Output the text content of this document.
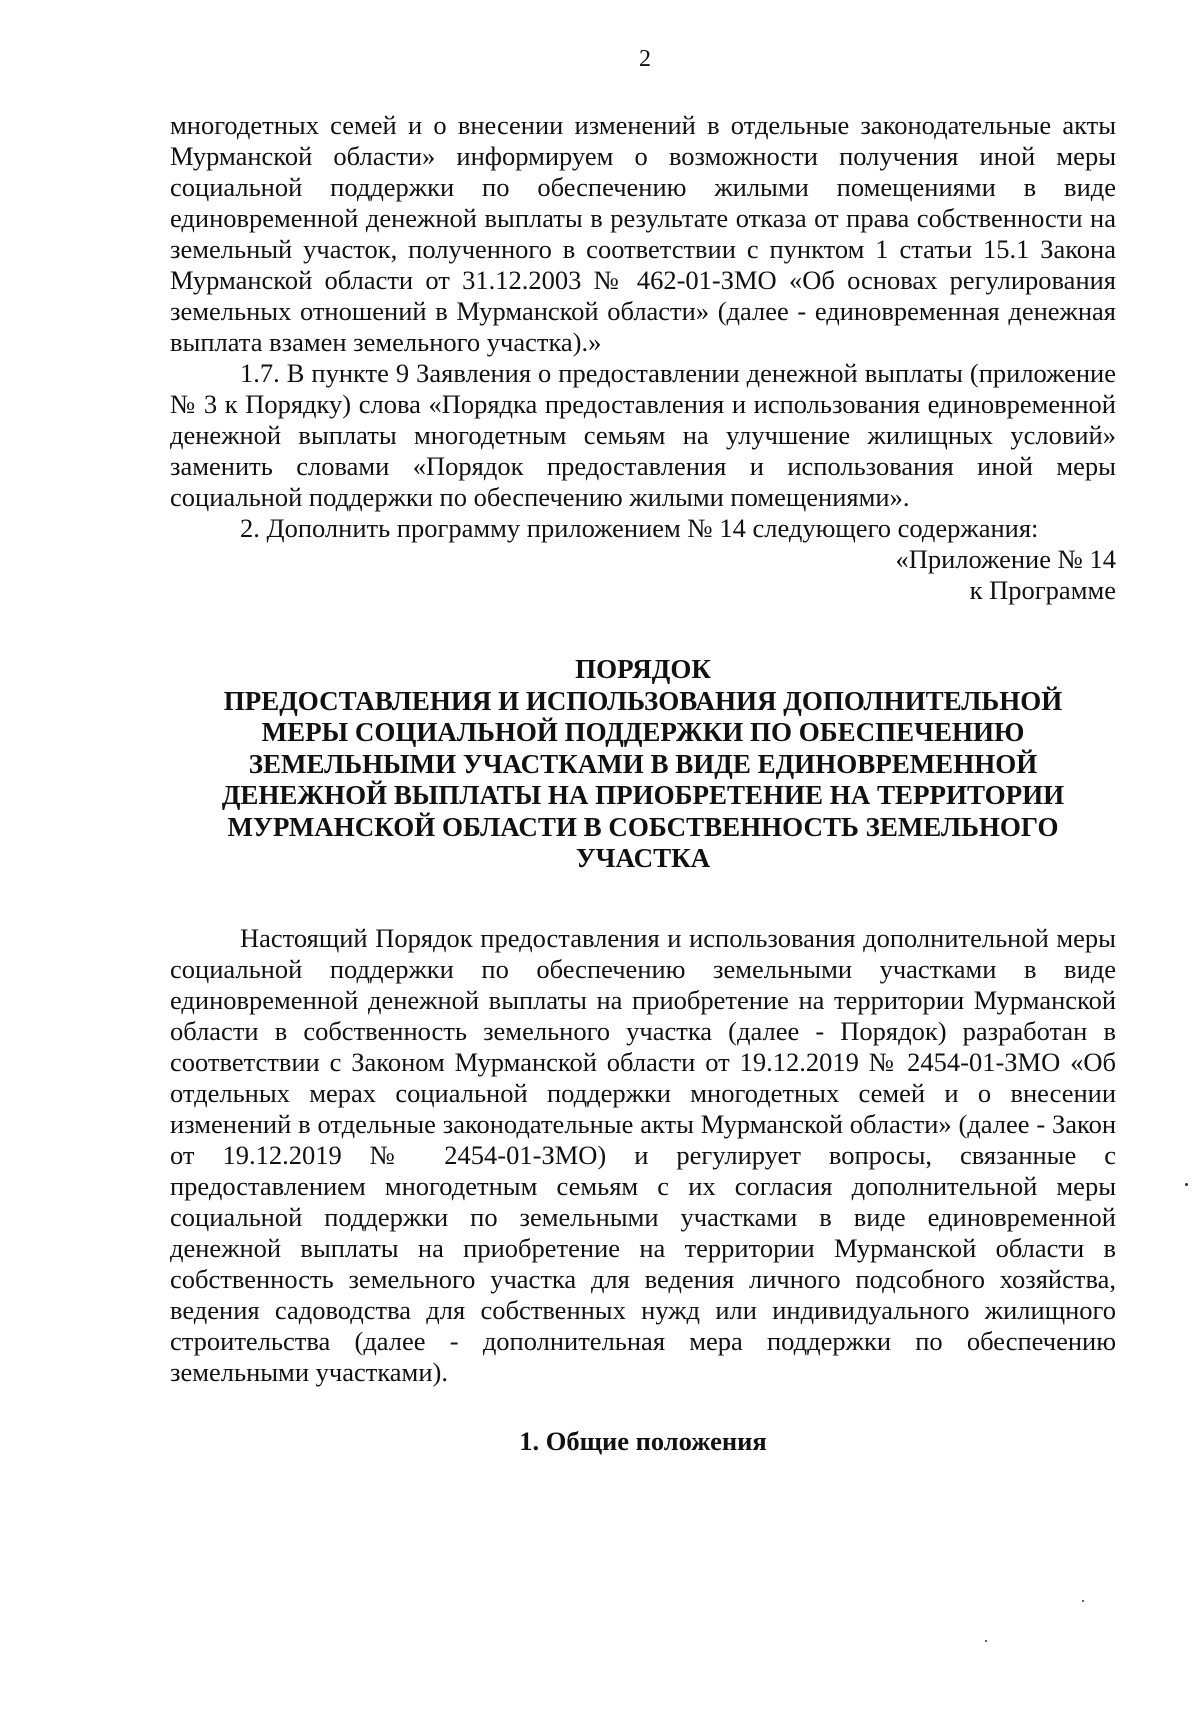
2

многодетных семей и о внесении изменений в отдельные законодательные акты Мурманской области» информируем о возможности получения иной меры социальной поддержки по обеспечению жилыми помещениями в виде единовременной денежной выплаты в результате отказа от права собственности на земельный участок, полученного в соответствии с пунктом 1 статьи 15.1 Закона Мурманской области от 31.12.2003 № 462-01-ЗМО «Об основах регулирования земельных отношений в Мурманской области» (далее - единовременная денежная выплата взамен земельного участка).»

1.7. В пункте 9 Заявления о предоставлении денежной выплаты (приложение № 3 к Порядку) слова «Порядка предоставления и использования единовременной денежной выплаты многодетным семьям на улучшение жилищных условий» заменить словами «Порядок предоставления и использования иной меры социальной поддержки по обеспечению жилыми помещениями».

2. Дополнить программу приложением № 14 следующего содержания:

«Приложение № 14

к Программе

ПОРЯДОК
ПРЕДОСТАВЛЕНИЯ И ИСПОЛЬЗОВАНИЯ ДОПОЛНИТЕЛЬНОЙ
МЕРЫ СОЦИАЛЬНОЙ ПОДДЕРЖКИ ПО ОБЕСПЕЧЕНИЮ
ЗЕМЕЛЬНЫМИ УЧАСТКАМИ В ВИДЕ ЕДИНОВРЕМЕННОЙ
ДЕНЕЖНОЙ ВЫПЛАТЫ НА ПРИОБРЕТЕНИЕ НА ТЕРРИТОРИИ
МУРМАНСКОЙ ОБЛАСТИ В СОБСТВЕННОСТЬ ЗЕМЕЛЬНОГО
УЧАСТКА

Настоящий Порядок предоставления и использования дополнительной меры социальной поддержки по обеспечению земельными участками в виде единовременной денежной выплаты на приобретение на территории Мурманской области в собственность земельного участка (далее - Порядок) разработан в соответствии с Законом Мурманской области от 19.12.2019 № 2454-01-ЗМО «Об отдельных мерах социальной поддержки многодетных семей и о внесении изменений в отдельные законодательные акты Мурманской области» (далее - Закон от 19.12.2019 № 2454-01-ЗМО) и регулирует вопросы, связанные с предоставлением многодетным семьям с их согласия дополнительной меры социальной поддержки по земельными участками в виде единовременной денежной выплаты на приобретение на территории Мурманской области в собственность земельного участка для ведения личного подсобного хозяйства, ведения садоводства для собственных нужд или индивидуального жилищного строительства (далее - дополнительная мера поддержки по обеспечению земельными участками).

1. Общие положения
